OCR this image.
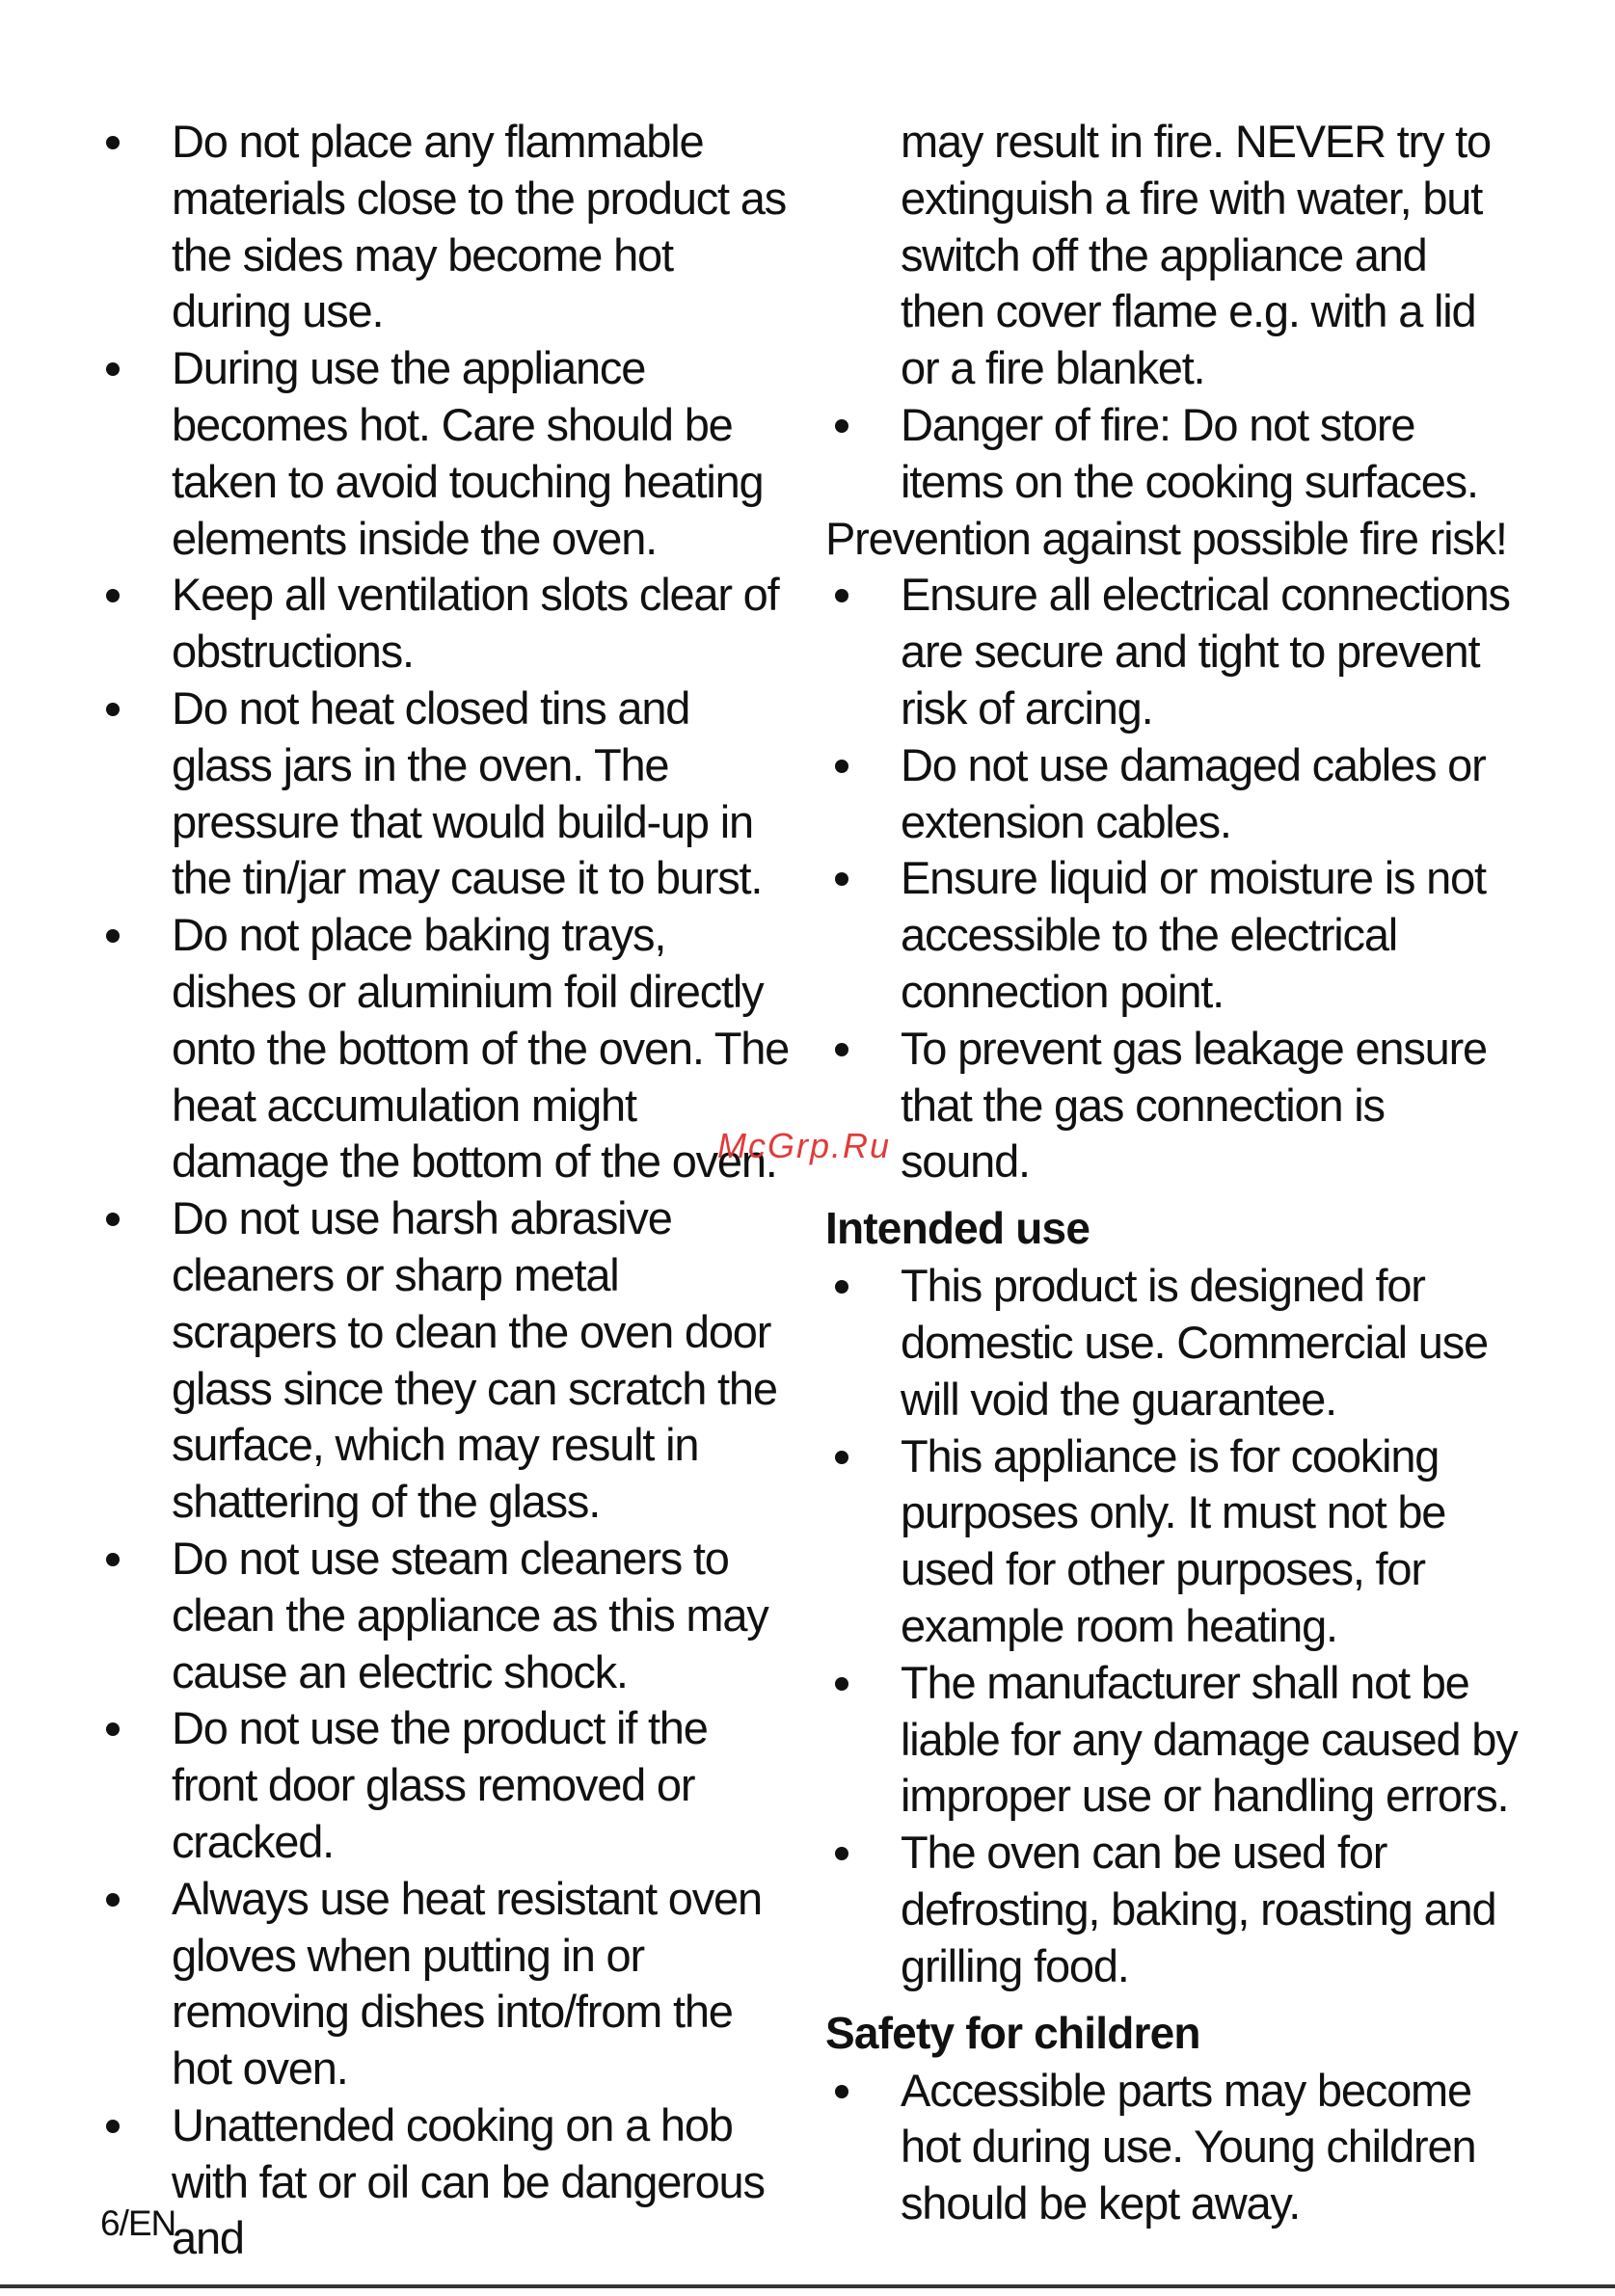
Do not place any flammable materials close to the product as the sides may become hot during use.
During use the appliance becomes hot. Care should be taken to avoid touching heating elements inside the oven.
Keep all ventilation slots clear of obstructions.
Do not heat closed tins and glass jars in the oven. The pressure that would build-up in the tin/jar may cause it to burst.
Do not place baking trays, dishes or aluminium foil directly onto the bottom of the oven. The heat accumulation might damage the bottom of the oven.
Do not use harsh abrasive cleaners or sharp metal scrapers to clean the oven door glass since they can scratch the surface, which may result in shattering of the glass.
Do not use steam cleaners to clean the appliance as this may cause an electric shock.
Do not use the product if the front door glass removed or cracked.
Always use heat resistant oven gloves when putting in or removing dishes into/from the hot oven.
Unattended cooking on a hob with fat or oil can be dangerous and
may result in fire. NEVER try to extinguish a fire with water, but switch off the appliance and then cover flame e.g. with a lid or a fire blanket.
Danger of fire: Do not store items on the cooking surfaces.

Prevention against possible fire risk!

Ensure all electrical connections are secure and tight to prevent risk of arcing.
Do not use damaged cables or extension cables.
Ensure liquid or moisture is not accessible to the electrical connection point.
To prevent gas leakage ensure that the gas connection is sound.
Intended use
This product is designed for domestic use. Commercial use will void the guarantee.
This appliance is for cooking purposes only. It must not be used for other purposes, for example room heating.
The manufacturer shall not be liable for any damage caused by improper use or handling errors.
The oven can be used for defrosting, baking, roasting and grilling food.
Safety for children
Accessible parts may become hot during use. Young children should be kept away.
McGrp.Ru
6/EN
